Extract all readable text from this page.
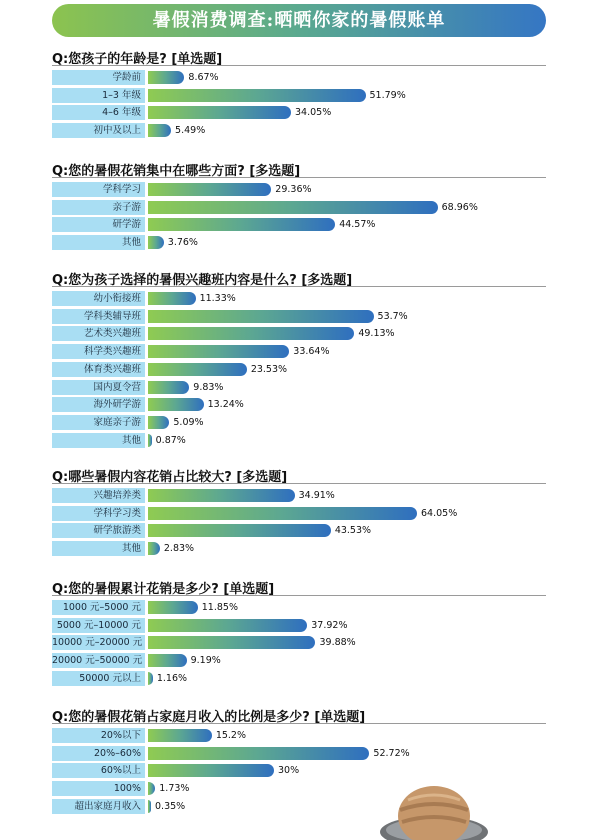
暑假消费调查:晒晒你家的暑假账单
Q:您孩子的年龄是? [单选题]
学龄前	8.67%
1–3 年级	51.79%
4–6 年级	34.05%
初中及以上	5.49%
Q:您的暑假花销集中在哪些方面? [多选题]
学科学习	29.36%
亲子游	68.96%
研学游	44.57%
其他	3.76%
Q:您为孩子选择的暑假兴趣班内容是什么? [多选题]
幼小衔接班	11.33%
学科类辅导班	53.7%
艺术类兴趣班	49.13%
科学类兴趣班	33.64%
体育类兴趣班	23.53%
国内夏令营	9.83%
海外研学游	13.24%
家庭亲子游	5.09%
其他	0.87%
Q:哪些暑假内容花销占比较大? [多选题]
兴趣培养类	34.91%
学科学习类	64.05%
研学旅游类	43.53%
其他	2.83%
Q:您的暑假累计花销是多少? [单选题]
1000 元–5000 元	11.85%
5000 元–10000 元	37.92%
10000 元–20000 元	39.88%
20000 元–50000 元	9.19%
50000 元以上	1.16%
Q:您的暑假花销占家庭月收入的比例是多少? [单选题]
20%以下	15.2%
20%–60%	52.72%
60%以上	30%
100%	1.73%
超出家庭月收入	0.35%
